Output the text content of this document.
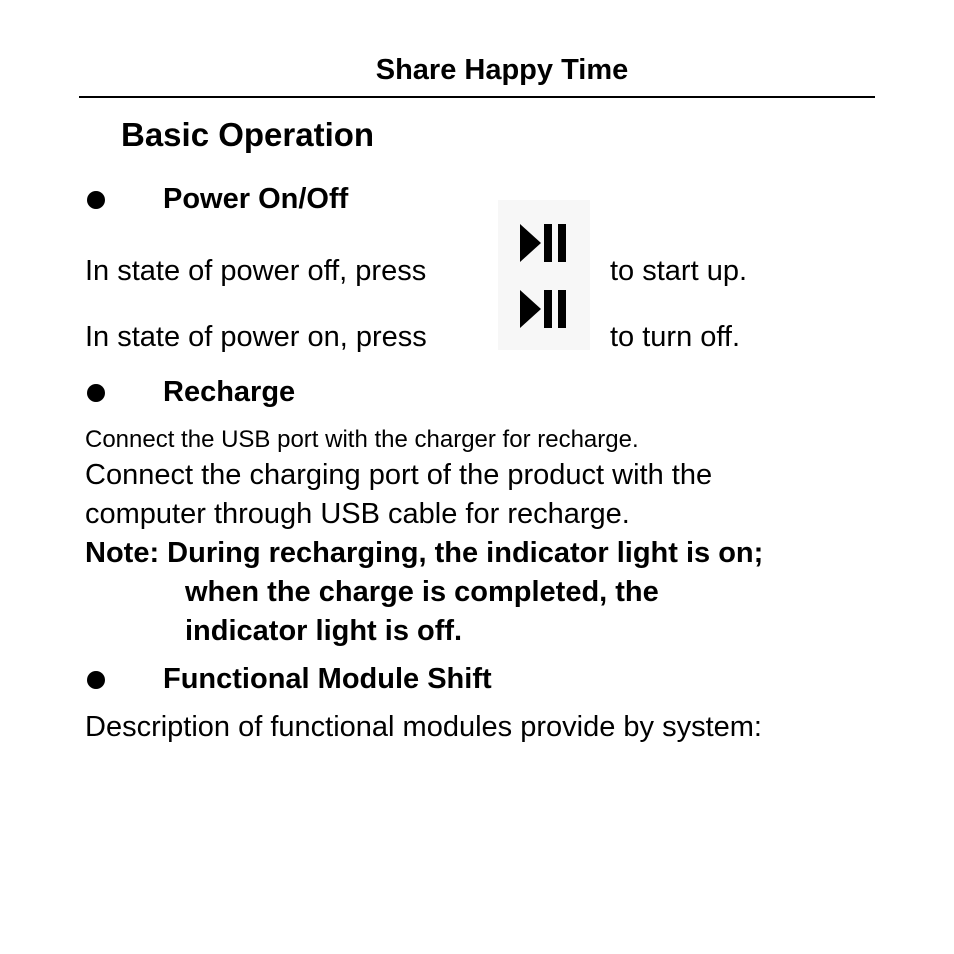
Share Happy Time
Basic Operation
Power On/Off
In state of power off, press	to start up.
In state of power on, press	to turn off.
Recharge
Connect the USB port with the charger for recharge.
Connect the charging port of the product with the
computer through USB cable for recharge.
Note: During recharging, the indicator light is on;
when the charge is completed, the
indicator light is off.
Functional Module Shift
Description of functional modules provide by system:
